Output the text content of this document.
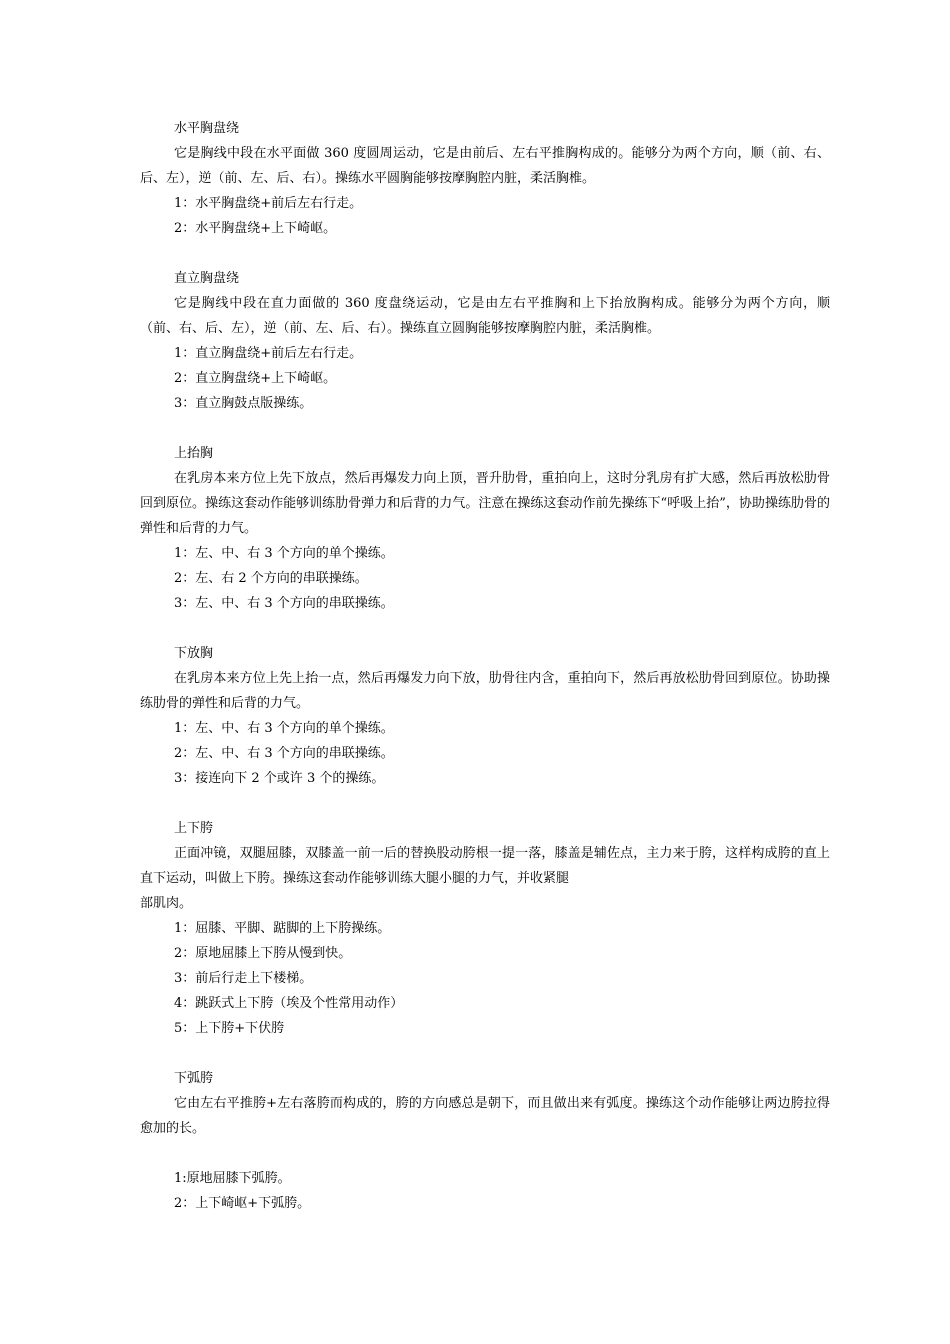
水平胸盘绕
它是胸线中段在水平面做 360 度圆周运动，它是由前后、左右平推胸构成的。能够分为两个方向，顺（前、右、后、左），逆（前、左、后、右）。操练水平圆胸能够按摩胸腔内脏，柔活胸椎。
1：水平胸盘绕+前后左右行走。
2：水平胸盘绕+上下崎岖。
直立胸盘绕
它是胸线中段在直力面做的 360 度盘绕运动，它是由左右平推胸和上下抬放胸构成。能够分为两个方向，顺（前、右、后、左），逆（前、左、后、右）。操练直立圆胸能够按摩胸腔内脏，柔活胸椎。
1：直立胸盘绕+前后左右行走。
2：直立胸盘绕+上下崎岖。
3：直立胸鼓点版操练。
上抬胸
在乳房本来方位上先下放点，然后再爆发力向上顶，晋升肋骨，重拍向上，这时分乳房有扩大感，然后再放松肋骨回到原位。操练这套动作能够训练肋骨弹力和后背的力气。注意在操练这套动作前先操练下“呼吸上抬”，协助操练肋骨的弹性和后背的力气。
1：左、中、右 3 个方向的单个操练。
2：左、右 2 个方向的串联操练。
3：左、中、右 3 个方向的串联操练。
下放胸
在乳房本来方位上先上抬一点，然后再爆发力向下放，肋骨往内含，重拍向下，然后再放松肋骨回到原位。协助操练肋骨的弹性和后背的力气。
1：左、中、右 3 个方向的单个操练。
2：左、中、右 3 个方向的串联操练。
3：接连向下 2 个或许 3 个的操练。
上下胯
正面冲镜，双腿屈膝，双膝盖一前一后的替换股动胯根一提一落，膝盖是辅佐点，主力来于胯，这样构成胯的直上直下运动，叫做上下胯。操练这套动作能够训练大腿小腿的力气，并收紧腿
部肌肉。
1：屈膝、平脚、踮脚的上下胯操练。
2：原地屈膝上下胯从慢到快。
3：前后行走上下楼梯。
4：跳跃式上下胯（埃及个性常用动作）
5：上下胯+下伏胯
下弧胯
它由左右平推胯+左右落胯而构成的，胯的方向感总是朝下，而且做出来有弧度。操练这个动作能够让两边胯拉得愈加的长。
1:原地屈膝下弧胯。
2：上下崎岖+下弧胯。
